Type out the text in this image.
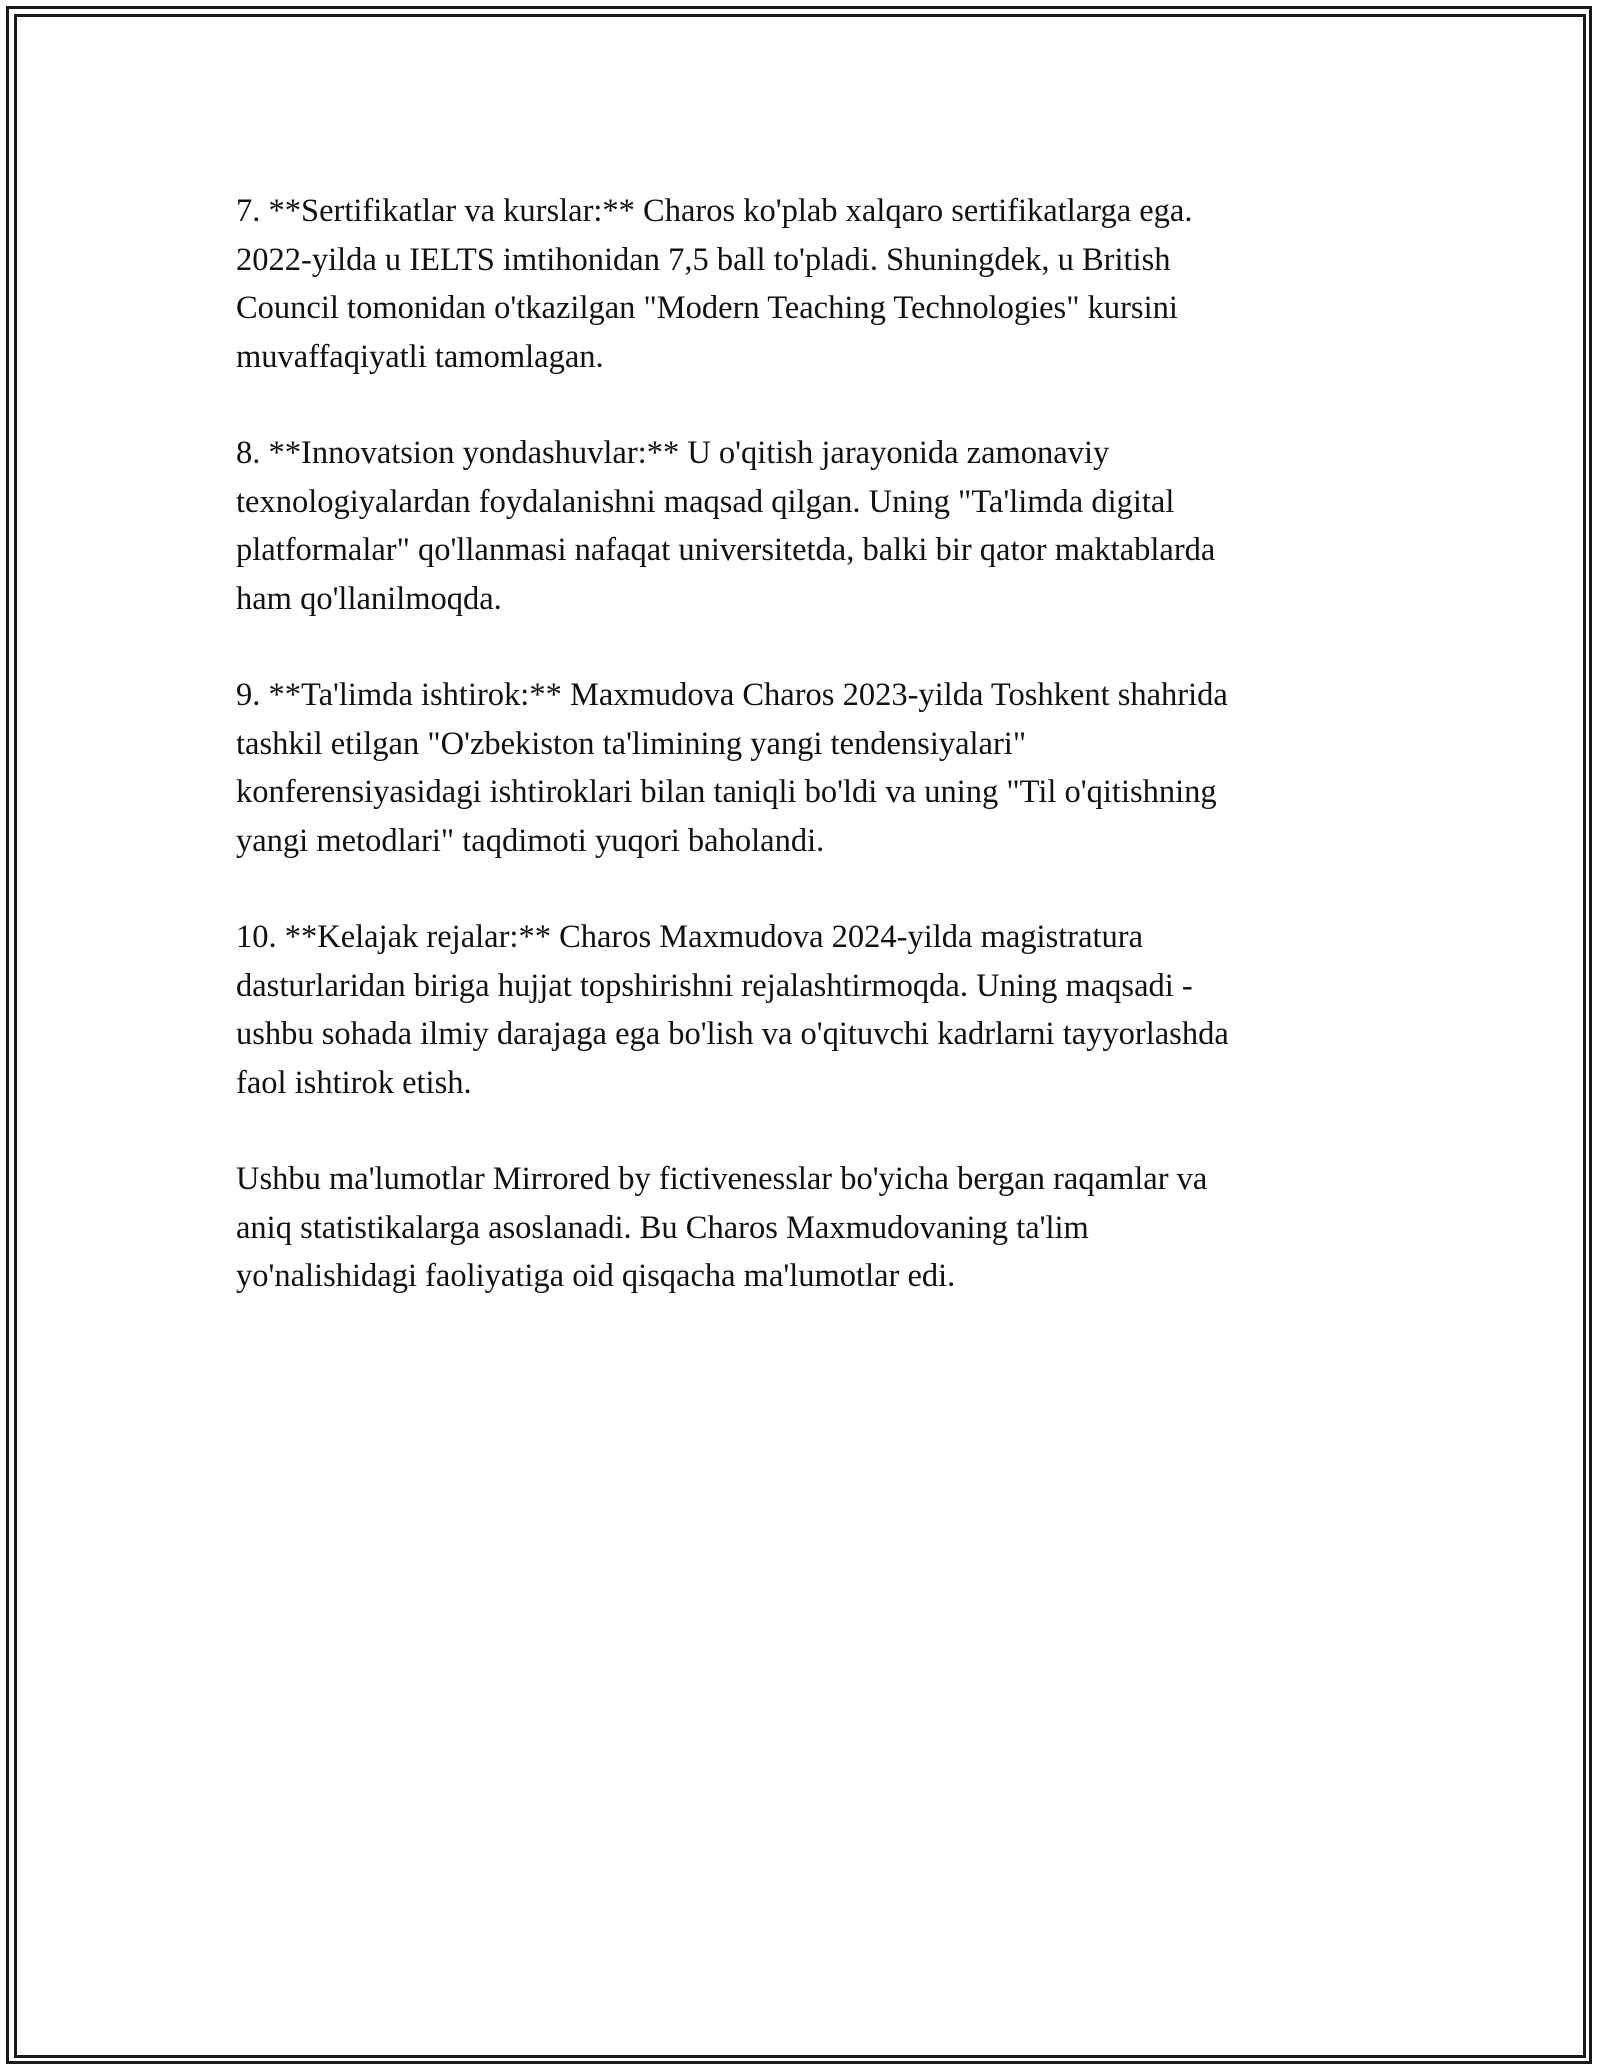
7. **Sertifikatlar va kurslar:** Charos ko'plab xalqaro sertifikatlarga ega.
2022-yilda u IELTS imtihonidan 7,5 ball to'pladi. Shuningdek, u British
Council tomonidan o'tkazilgan "Modern Teaching Technologies" kursini
muvaffaqiyatli tamomlagan.

8. **Innovatsion yondashuvlar:** U o'qitish jarayonida zamonaviy
texnologiyalardan foydalanishni maqsad qilgan. Uning "Ta'limda digital
platformalar" qo'llanmasi nafaqat universitetda, balki bir qator maktablarda
ham qo'llanilmoqda.

9. **Ta'limda ishtirok:** Maxmudova Charos 2023-yilda Toshkent shahrida
tashkil etilgan "O'zbekiston ta'limining yangi tendensiyalari"
konferensiyasidagi ishtiroklari bilan taniqli bo'ldi va uning "Til o'qitishning
yangi metodlari" taqdimoti yuqori baholandi.

10. **Kelajak rejalar:** Charos Maxmudova 2024-yilda magistratura
dasturlaridan biriga hujjat topshirishni rejalashtirmoqda. Uning maqsadi -
ushbu sohada ilmiy darajaga ega bo'lish va o'qituvchi kadrlarni tayyorlashda
faol ishtirok etish.

Ushbu ma'lumotlar Mirrored by fictivenesslar bo'yicha bergan raqamlar va
aniq statistikalarga asoslanadi. Bu Charos Maxmudovaning ta'lim
yo'nalishidagi faoliyatiga oid qisqacha ma'lumotlar edi.
